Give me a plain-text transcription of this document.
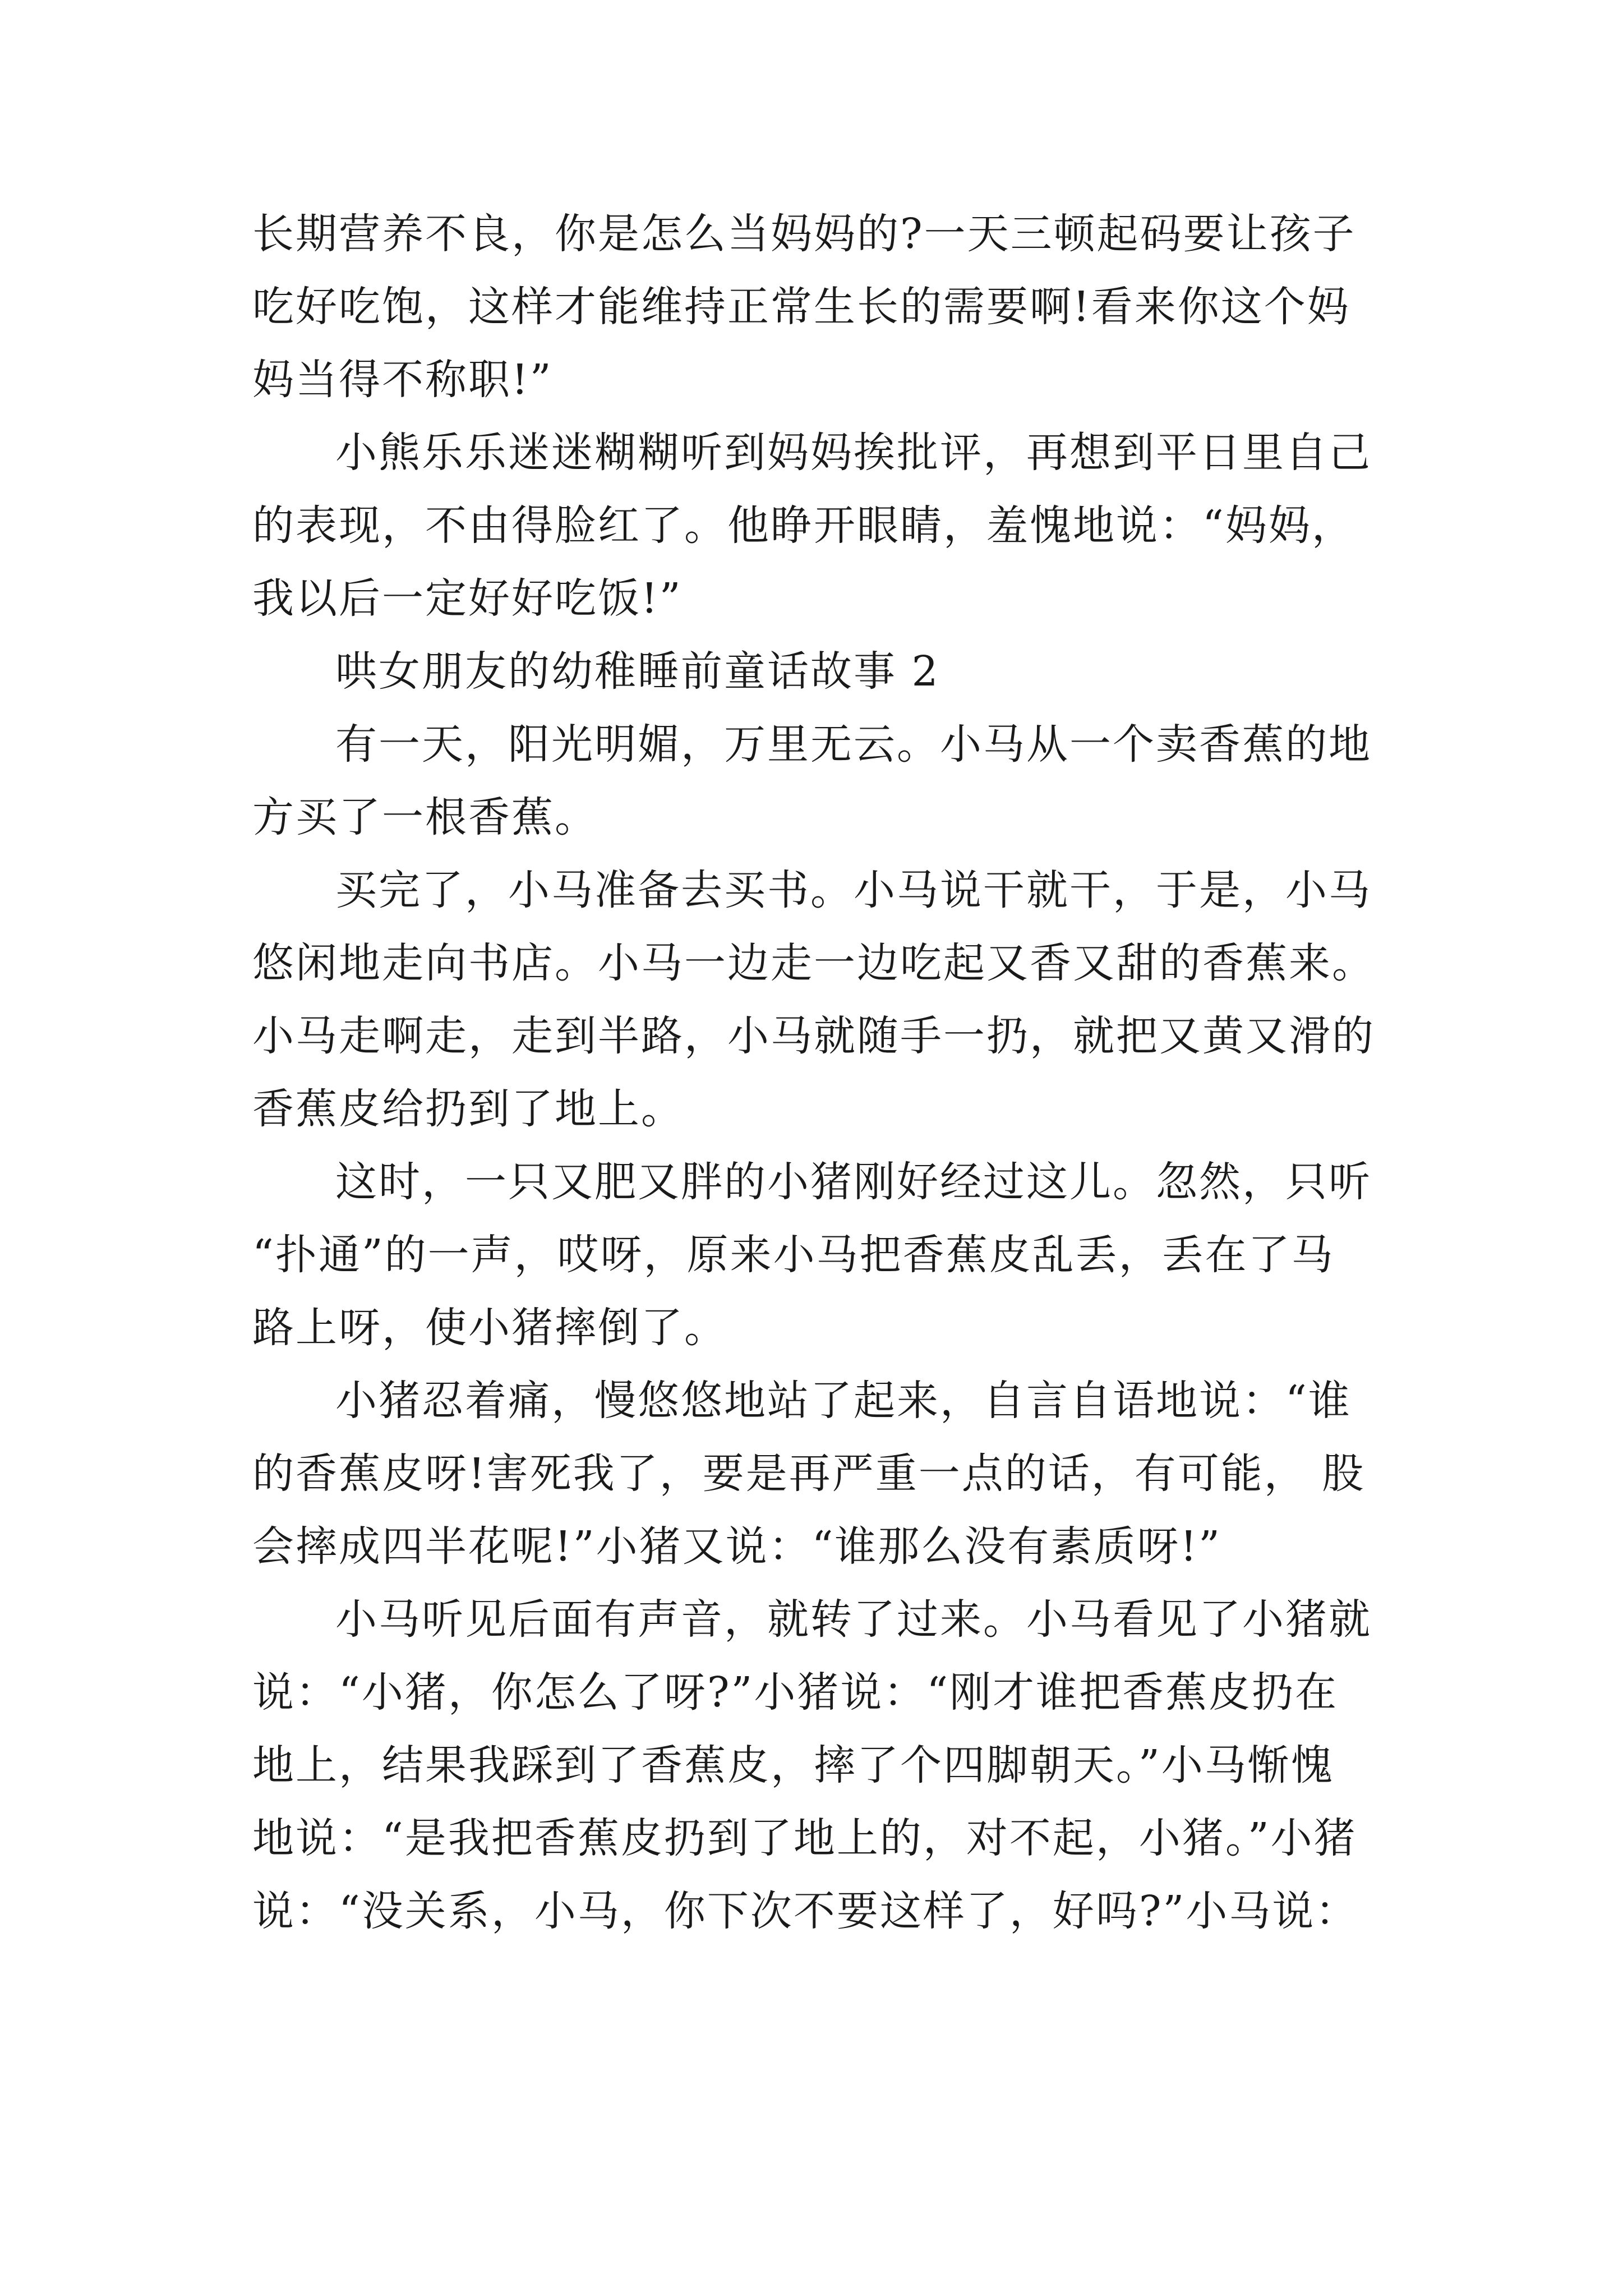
长期营养不良，你是怎么当妈妈的?一天三顿起码要让孩子
吃好吃饱，这样才能维持正常生长的需要啊!看来你这个妈
妈当得不称职!”
小熊乐乐迷迷糊糊听到妈妈挨批评，再想到平日里自己
的表现，不由得脸红了。他睁开眼睛，羞愧地说：“妈妈，
我以后一定好好吃饭!”
哄女朋友的幼稚睡前童话故事 2
有一天，阳光明媚，万里无云。小马从一个卖香蕉的地
方买了一根香蕉。
买完了，小马准备去买书。小马说干就干，于是，小马
悠闲地走向书店。小马一边走一边吃起又香又甜的香蕉来。
小马走啊走，走到半路，小马就随手一扔，就把又黄又滑的
香蕉皮给扔到了地上。
这时，一只又肥又胖的小猪刚好经过这儿。忽然，只听
“扑通”的一声，哎呀，原来小马把香蕉皮乱丢，丢在了马
路上呀，使小猪摔倒了。
小猪忍着痛，慢悠悠地站了起来，自言自语地说：“谁
的香蕉皮呀!害死我了，要是再严重一点的话，有可能， 股
会摔成四半花呢!”小猪又说：“谁那么没有素质呀!”
小马听见后面有声音，就转了过来。小马看见了小猪就
说：“小猪，你怎么了呀?”小猪说：“刚才谁把香蕉皮扔在
地上，结果我踩到了香蕉皮，摔了个四脚朝天。”小马惭愧
地说：“是我把香蕉皮扔到了地上的，对不起，小猪。”小猪
说：“没关系，小马，你下次不要这样了，好吗?”小马说：
